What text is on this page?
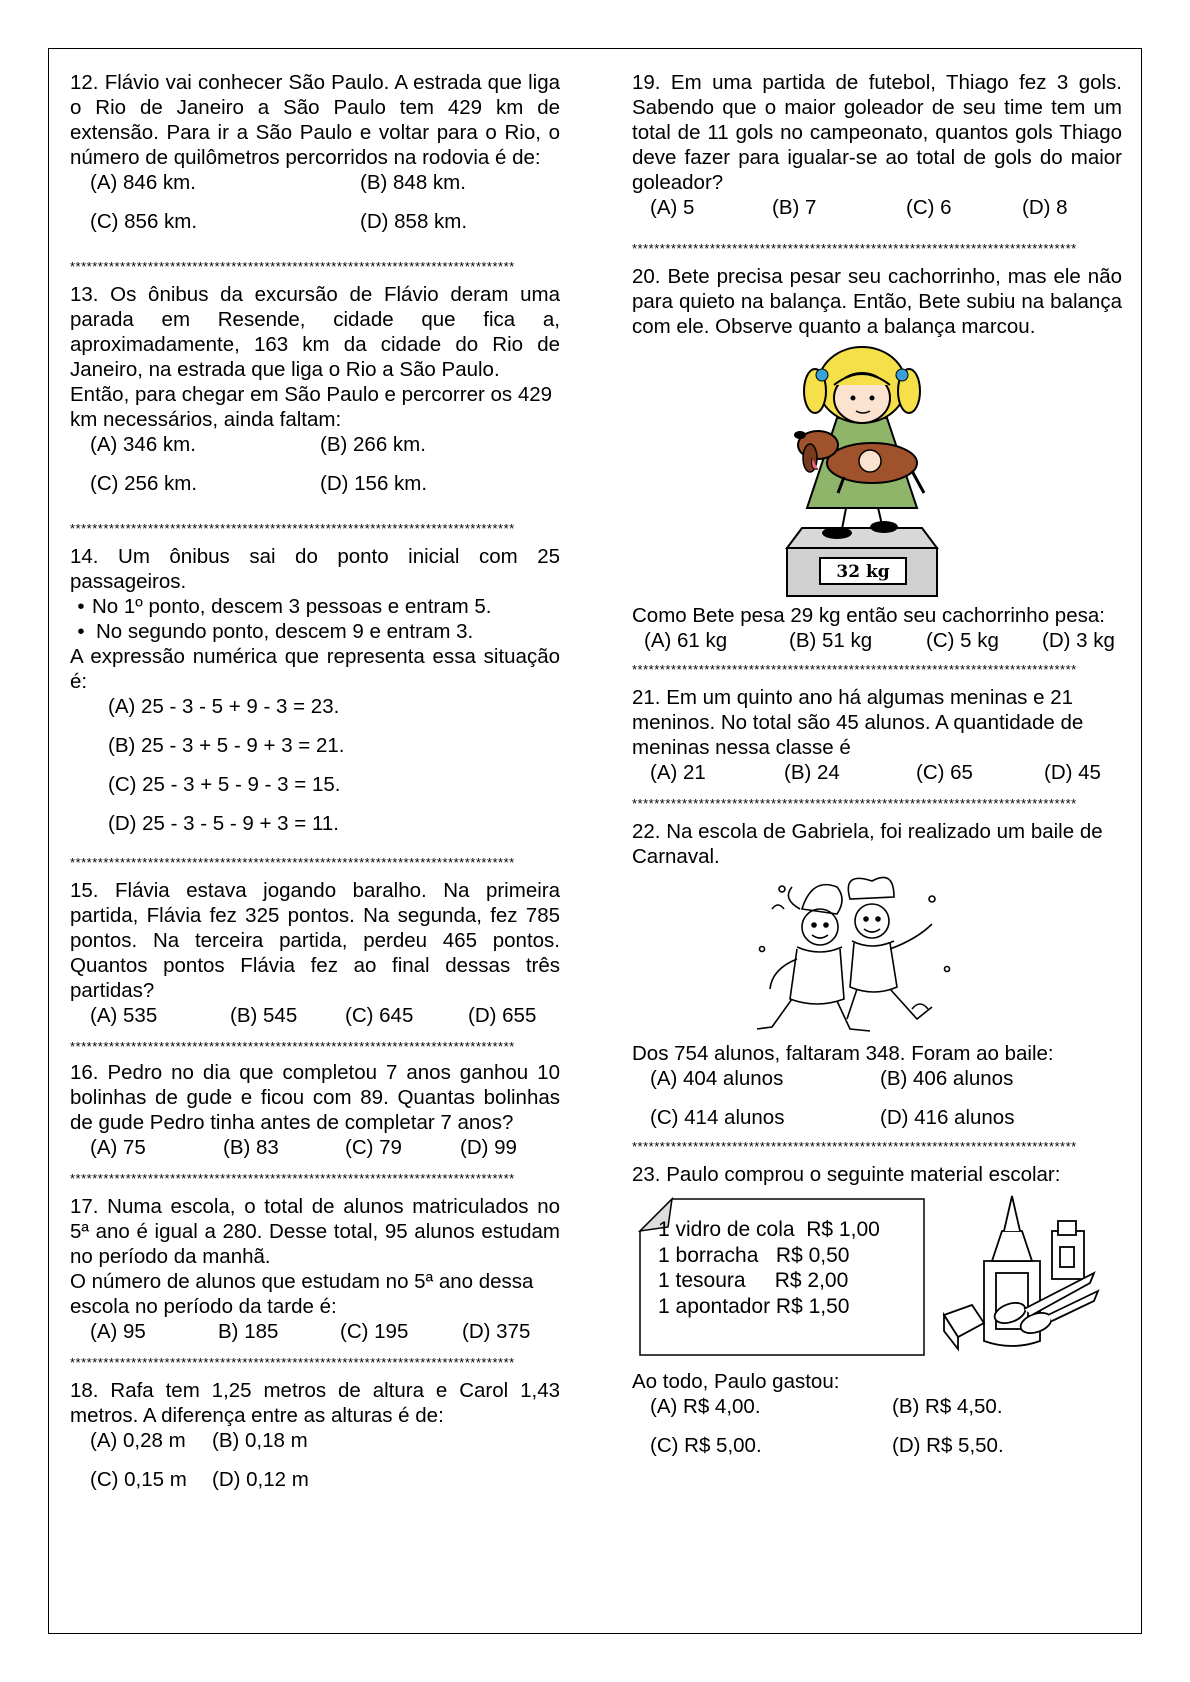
12. Flávio vai conhecer São Paulo. A estrada que liga o Rio de Janeiro a São Paulo tem 429 km de extensão. Para ir a São Paulo e voltar para o Rio, o número de quilômetros percorridos na rodovia é de:

(A) 846 km.	(B) 848 km.
(C) 856 km.	(D) 858 km.
********************************************************************************

13. Os ônibus da excursão de Flávio deram uma parada em Resende, cidade que fica a, aproximadamente, 163 km da cidade do Rio de Janeiro, na estrada que liga o Rio a São Paulo.

Então, para chegar em São Paulo e percorrer os 429 km necessários, ainda faltam:

(A) 346 km.	(B) 266 km.
(C) 256 km.	(D) 156 km.
********************************************************************************

14. Um ônibus sai do ponto inicial com 25 passageiros.

• No 1º ponto, descem 3 pessoas e entram 5.
• No segundo ponto, descem 9 e entram 3.

A expressão numérica que representa essa situação é:

(A) 25 - 3 - 5 + 9 - 3 = 23.
(B) 25 - 3 + 5 - 9 + 3 = 21.
(C) 25 - 3 + 5 - 9 - 3 = 15.
(D) 25 - 3 - 5 - 9 + 3 = 11.
********************************************************************************

15. Flávia estava jogando baralho. Na primeira partida, Flávia fez 325 pontos. Na segunda, fez 785 pontos. Na terceira partida, perdeu 465 pontos. Quantos pontos Flávia fez ao final dessas três partidas?

(A) 535	(B) 545	(C) 645	(D) 655
********************************************************************************

16. Pedro no dia que completou 7 anos ganhou 10 bolinhas de gude e ficou com 89. Quantas bolinhas de gude Pedro tinha antes de completar 7 anos?

(A) 75	(B) 83	(C) 79	(D) 99
********************************************************************************

17. Numa escola, o total de alunos matriculados no 5ª ano é igual a 280. Desse total, 95 alunos estudam no período da manhã.

O número de alunos que estudam no 5ª ano dessa escola no período da tarde é:

(A) 95	B) 185	(C) 195	(D) 375
********************************************************************************

18. Rafa tem 1,25 metros de altura e Carol 1,43 metros. A diferença entre as alturas é de:

(A) 0,28 m	(B) 0,18 m
(C) 0,15 m	(D) 0,12 m

19. Em uma partida de futebol, Thiago fez 3 gols. Sabendo que o maior goleador de seu time tem um total de 11 gols no campeonato, quantos gols Thiago deve fazer para igualar-se ao total de gols do maior goleador?

(A) 5	(B) 7	(C) 6	(D) 8
********************************************************************************

20. Bete precisa pesar seu cachorrinho, mas ele não para quieto na balança. Então, Bete subiu na balança com ele. Observe quanto a balança marcou.

32 kg

Como Bete pesa 29 kg então seu cachorrinho pesa:

(A) 61 kg	(B) 51 kg	(C) 5 kg	(D) 3 kg
********************************************************************************

21. Em um quinto ano há algumas meninas e 21 meninos. No total são 45 alunos. A quantidade de meninas nessa classe é

(A) 21	(B) 24	(C) 65	(D) 45
********************************************************************************

22. Na escola de Gabriela, foi realizado um baile de Carnaval.

Dos 754 alunos, faltaram 348. Foram ao baile:

(A) 404 alunos	(B) 406 alunos
(C) 414 alunos	(D) 416 alunos
********************************************************************************

23. Paulo comprou o seguinte material escolar:

1 vidro de cola  R$ 1,00
1 borracha   R$ 0,50
1 tesoura     R$ 2,00
1 apontador R$ 1,50

Ao todo, Paulo gastou:

(A) R$ 4,00.	(B) R$ 4,50.
(C) R$ 5,00.	(D) R$ 5,50.
